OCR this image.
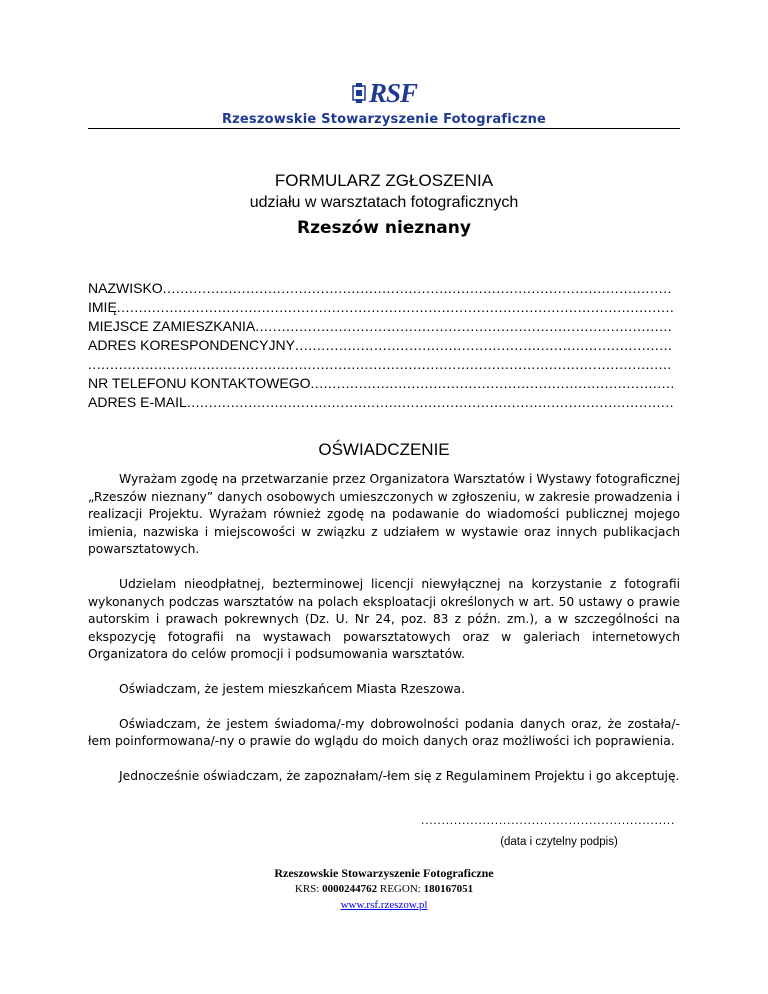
RSF
Rzeszowskie Stowarzyszenie Fotograficzne
FORMULARZ ZGŁOSZENIA
udziału w warsztatach fotograficznych
Rzeszów nieznany
NAZWISKO
.....
IMIĘ
.....
MIEJSCE ZAMIESZKANIA
.....
ADRES KORESPONDENCYJNY
.....
.....
NR TELEFONU KONTAKTOWEGO
.....
ADRES E-MAIL
.....
OŚWIADCZENIE

Wyrażam zgodę na przetwarzanie przez Organizatora Warsztatów i Wystawy fotograficznej „Rzeszów nieznany” danych osobowych umieszczonych w zgłoszeniu, w zakresie prowadzenia i realizacji Projektu. Wyrażam również zgodę na podawanie do wiadomości publicznej mojego imienia, nazwiska i miejscowości w związku z udziałem w wystawie oraz innych publikacjach powarsztatowych.

Udzielam nieodpłatnej, bezterminowej licencji niewyłącznej na korzystanie z fotografii wykonanych podczas warsztatów na polach eksploatacji określonych w art. 50 ustawy o prawie autorskim i prawach pokrewnych (Dz. U. Nr 24, poz. 83 z późn. zm.), a w szczególności na ekspozycję fotografii na wystawach powarsztatowych oraz w galeriach internetowych Organizatora do celów promocji i podsumowania warsztatów.

Oświadczam, że jestem mieszkańcem Miasta Rzeszowa.

Oświadczam, że jestem świadoma/-my dobrowolności podania danych oraz, że została/-łem poinformowana/-ny o prawie do wglądu do moich danych oraz możliwości ich poprawienia.

Jednocześnie oświadczam, że zapoznałam/-łem się z Regulaminem Projektu i go akceptuję.

..............................................................
(data i czytelny podpis)
Rzeszowskie Stowarzyszenie Fotograficzne
KRS: 0000244762 REGON: 180167051
www.rsf.rzeszow.pl
